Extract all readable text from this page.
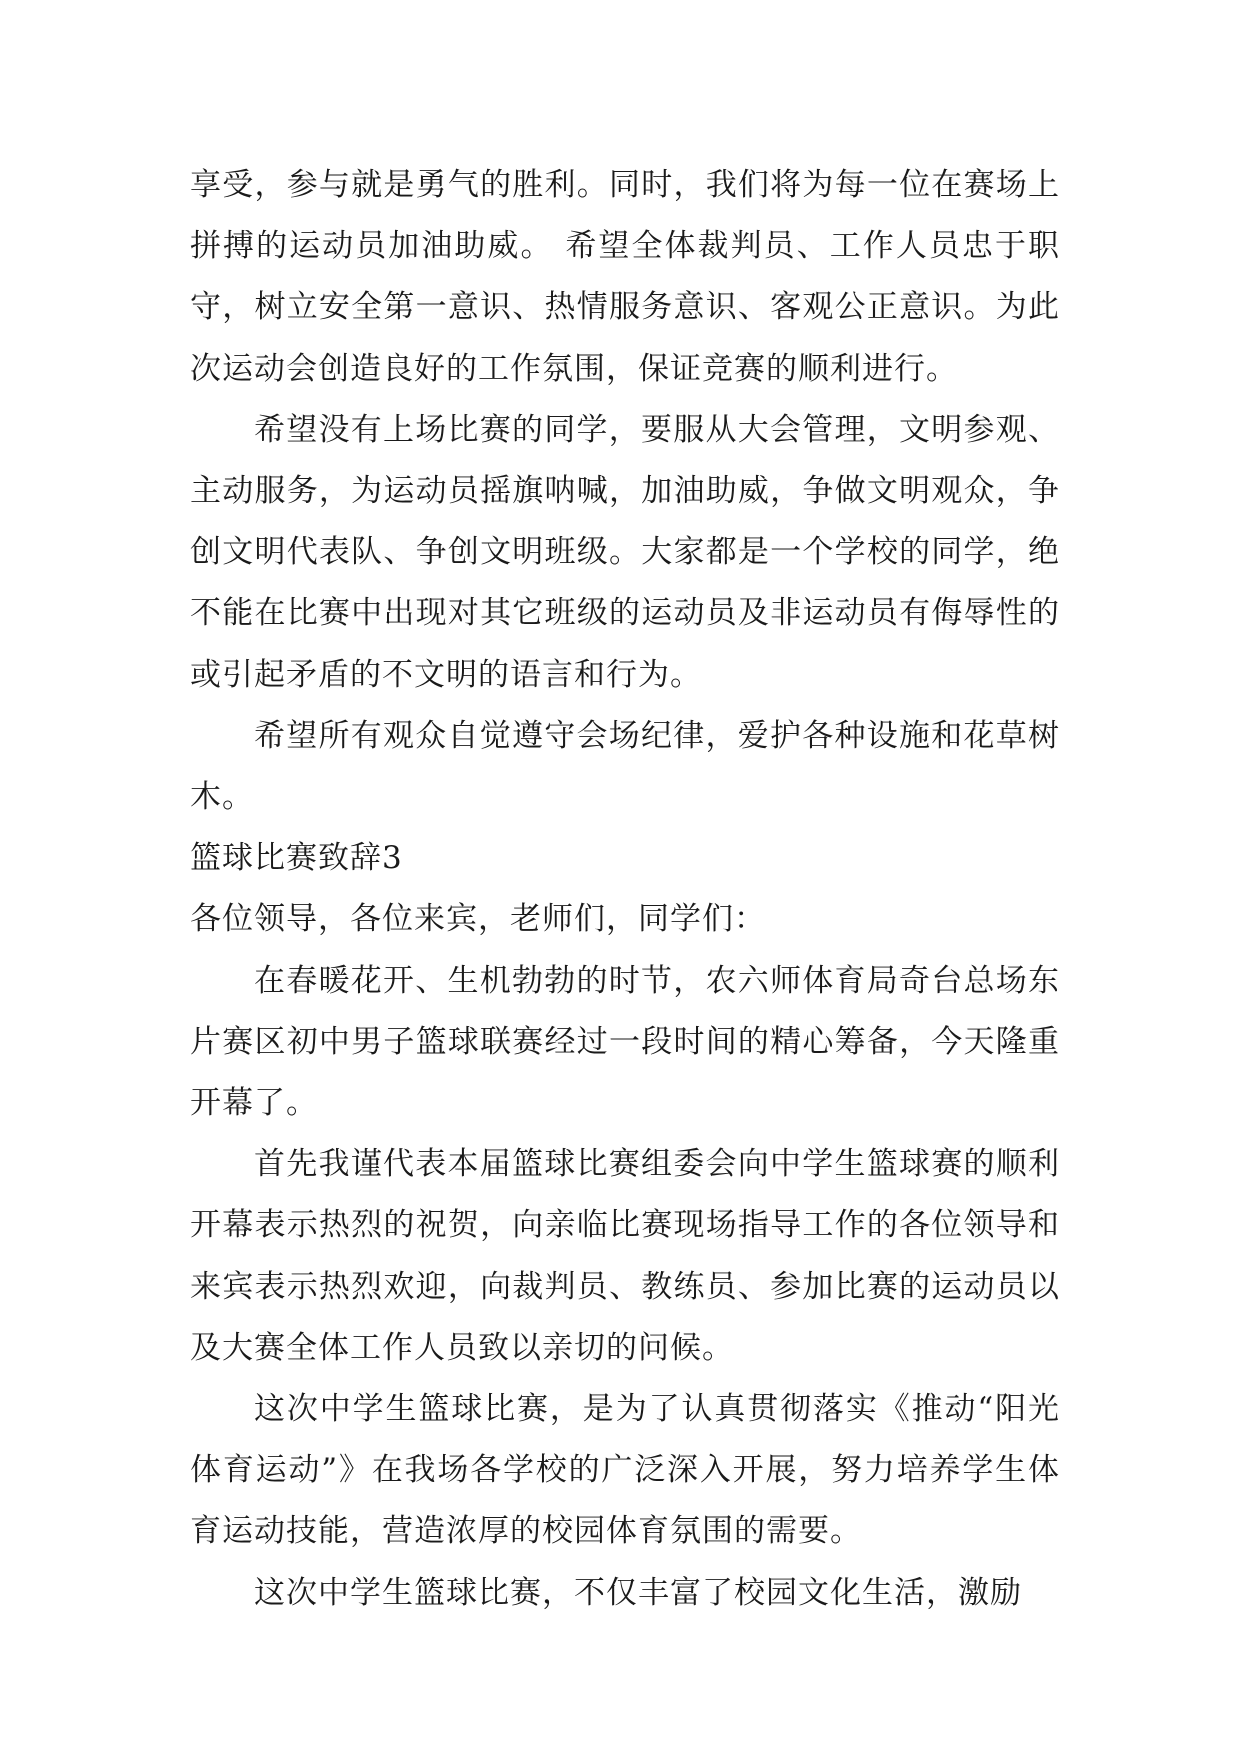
享受，参与就是勇气的胜利。同时，我们将为每一位在赛场上拼搏的运动员加油助威。 希望全体裁判员、工作人员忠于职守，树立安全第一意识、热情服务意识、客观公正意识。为此次运动会创造良好的工作氛围，保证竞赛的顺利进行。

希望没有上场比赛的同学，要服从大会管理，文明参观、主动服务，为运动员摇旗呐喊，加油助威，争做文明观众，争创文明代表队、争创文明班级。大家都是一个学校的同学，绝不能在比赛中出现对其它班级的运动员及非运动员有侮辱性的或引起矛盾的不文明的语言和行为。

希望所有观众自觉遵守会场纪律，爱护各种设施和花草树木。

篮球比赛致辞3

各位领导，各位来宾，老师们，同学们：

在春暖花开、生机勃勃的时节，农六师体育局奇台总场东片赛区初中男子篮球联赛经过一段时间的精心筹备，今天隆重开幕了。

首先我谨代表本届篮球比赛组委会向中学生篮球赛的顺利开幕表示热烈的祝贺，向亲临比赛现场指导工作的各位领导和来宾表示热烈欢迎，向裁判员、教练员、参加比赛的运动员以及大赛全体工作人员致以亲切的问候。

这次中学生篮球比赛，是为了认真贯彻落实《推动“阳光体育运动”》在我场各学校的广泛深入开展，努力培养学生体育运动技能，营造浓厚的校园体育氛围的需要。

这次中学生篮球比赛，不仅丰富了校园文化生活，激励
